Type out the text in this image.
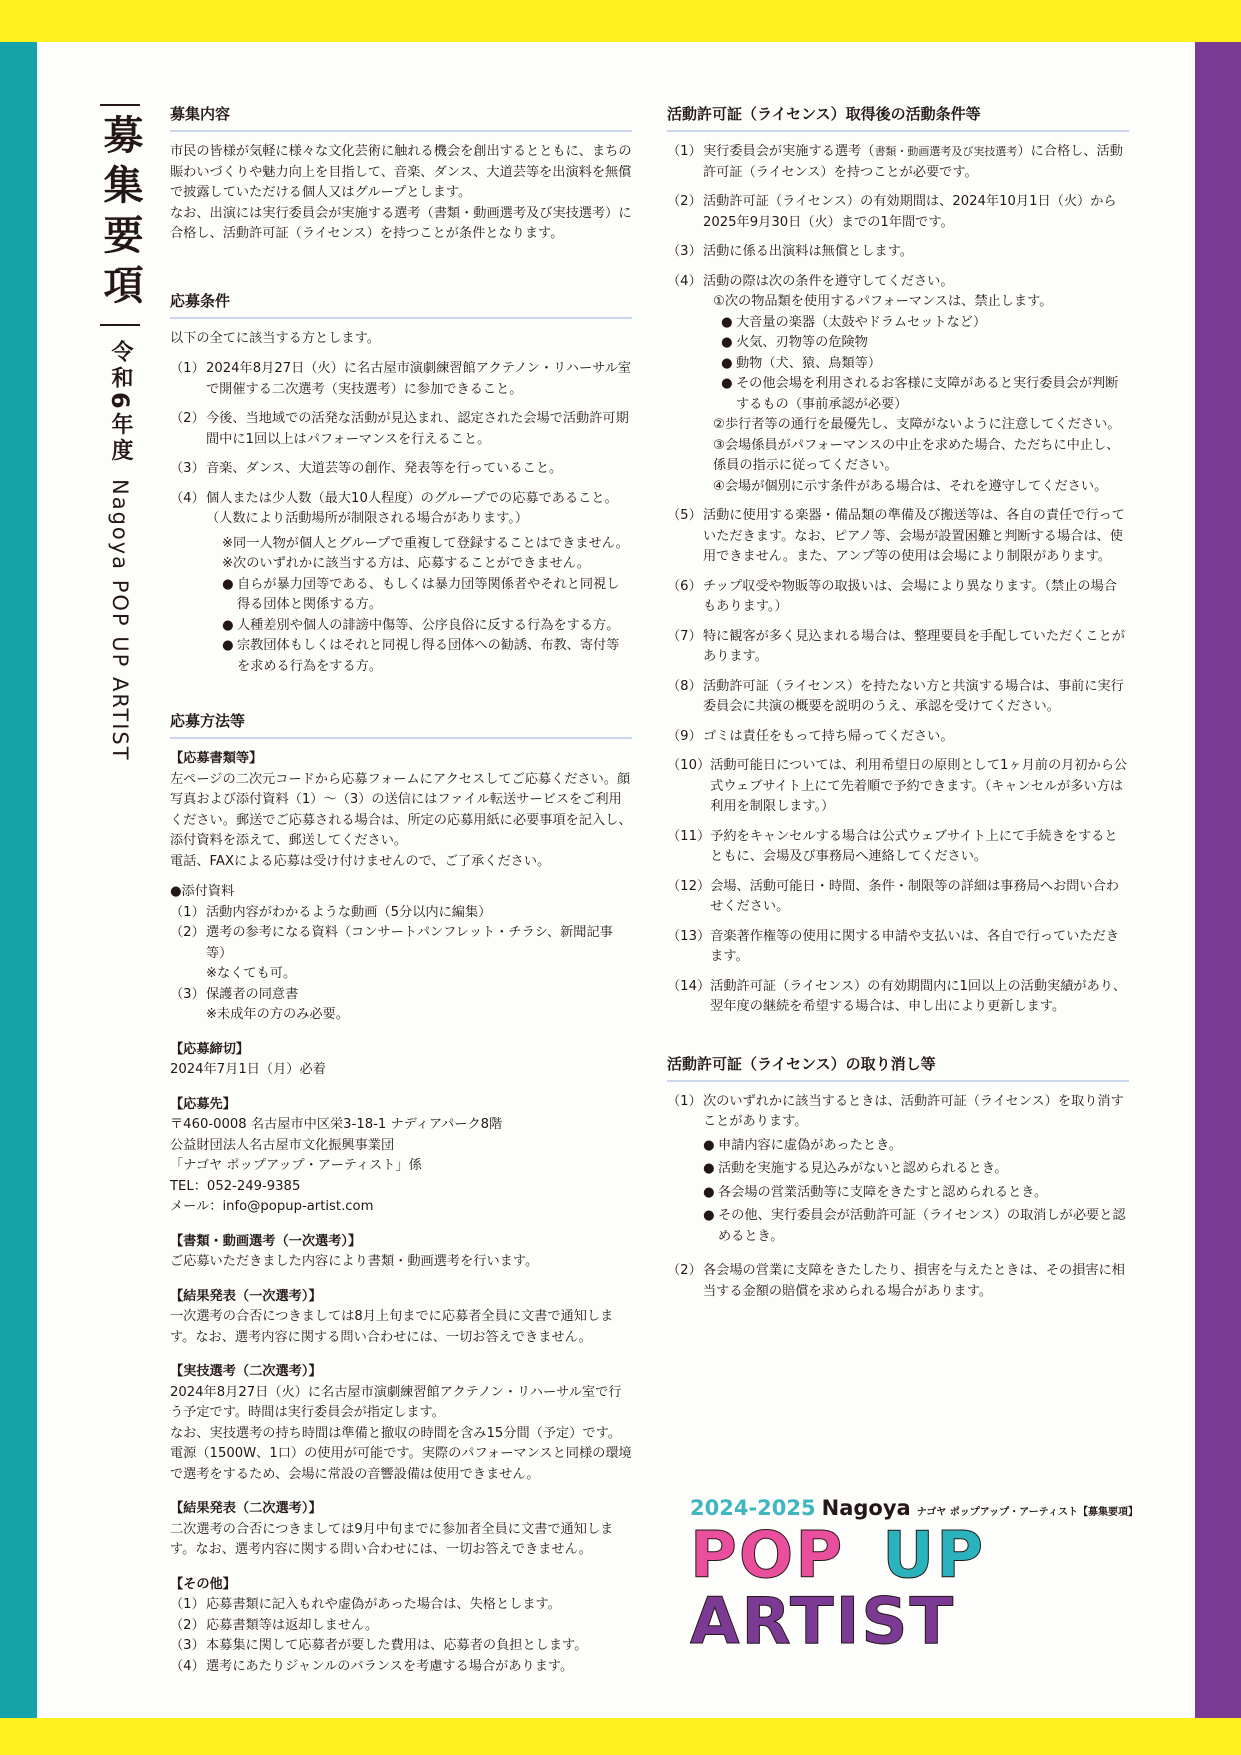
募集要項
令和6年度Nagoya POP UP ARTIST
募集内容

市民の皆様が気軽に様々な文化芸術に触れる機会を創出するとともに、まちの賑わいづくりや魅力向上を目指して、音楽、ダンス、大道芸等を出演料を無償で披露していただける個人又はグループとします。

なお、出演には実行委員会が実施する選考（書類・動画選考及び実技選考）に合格し、活動許可証（ライセンス）を持つことが条件となります。

応募条件

以下の全てに該当する方とします。

（1） 2024年8月27日（火）に名古屋市演劇練習館アクテノン・リハーサル室で開催する二次選考（実技選考）に参加できること。
（2） 今後、当地域での活発な活動が見込まれ、認定された会場で活動許可期間中に1回以上はパフォーマンスを行えること。
（3） 音楽、ダンス、大道芸等の創作、発表等を行っていること。
（4） 個人または少人数（最大10人程度）のグループでの応募であること。（人数により活動場所が制限される場合があります。）

※同一人物が個人とグループで重複して登録することはできません。

※次のいずれかに該当する方は、応募することができません。

● 自らが暴力団等である、もしくは暴力団等関係者やそれと同視し得る団体と関係する方。
● 人種差別や個人の誹謗中傷等、公序良俗に反する行為をする方。
● 宗教団体もしくはそれと同視し得る団体への勧誘、布教、寄付等を求める行為をする方。
応募方法等

【応募書類等】

左ページの二次元コードから応募フォームにアクセスしてご応募ください。顔写真および添付資料（1）〜（3）の送信にはファイル転送サービスをご利用ください。郵送でご応募される場合は、所定の応募用紙に必要事項を記入し、添付資料を添えて、郵送してください。

電話、FAXによる応募は受け付けませんので、ご了承ください。

●添付資料

（1） 活動内容がわかるような動画（5分以内に編集）
（2） 選考の参考になる資料（コンサートパンフレット・チラシ、新聞記事等）

※なくても可。

（3） 保護者の同意書

※未成年の方のみ必要。

【応募締切】

2024年7月1日（月）必着

【応募先】

〒460-0008 名古屋市中区栄3-18-1 ナディアパーク8階

公益財団法人名古屋市文化振興事業団

「ナゴヤ ポップアップ・アーティスト」係

TEL：052-249-9385

メール：info@popup-artist.com

【書類・動画選考（一次選考）】

ご応募いただきました内容により書類・動画選考を行います。

【結果発表（一次選考）】

一次選考の合否につきましては8月上旬までに応募者全員に文書で通知します。なお、選考内容に関する問い合わせには、一切お答えできません。

【実技選考（二次選考）】

2024年8月27日（火）に名古屋市演劇練習館アクテノン・リハーサル室で行う予定です。時間は実行委員会が指定します。

なお、実技選考の持ち時間は準備と撤収の時間を含み15分間（予定）です。電源（1500W、1口）の使用が可能です。実際のパフォーマンスと同様の環境で選考をするため、会場に常設の音響設備は使用できません。

【結果発表（二次選考）】

二次選考の合否につきましては9月中旬までに参加者全員に文書で通知します。なお、選考内容に関する問い合わせには、一切お答えできません。

【その他】

（1） 応募書類に記入もれや虚偽があった場合は、失格とします。
（2） 応募書類等は返却しません。
（3） 本募集に関して応募者が要した費用は、応募者の負担とします。
（4） 選考にあたりジャンルのバランスを考慮する場合があります。
活動許可証（ライセンス）取得後の活動条件等
（1） 実行委員会が実施する選考（書類・動画選考及び実技選考）に合格し、活動許可証（ライセンス）を持つことが必要です。
（2） 活動許可証（ライセンス）の有効期間は、2024年10月1日（火）から2025年9月30日（火）までの1年間です。
（3） 活動に係る出演料は無償とします。
（4） 活動の際は次の条件を遵守してください。

①次の物品類を使用するパフォーマンスは、禁止します。

● 大音量の楽器（太鼓やドラムセットなど）
● 火気、刃物等の危険物
● 動物（犬、猿、鳥類等）
● その他会場を利用されるお客様に支障があると実行委員会が判断するもの（事前承認が必要）

②歩行者等の通行を最優先し、支障がないように注意してください。

③会場係員がパフォーマンスの中止を求めた場合、ただちに中止し、係員の指示に従ってください。

④会場が個別に示す条件がある場合は、それを遵守してください。

（5） 活動に使用する楽器・備品類の準備及び搬送等は、各自の責任で行っていただきます。なお、ピアノ等、会場が設置困難と判断する場合は、使用できません。また、アンプ等の使用は会場により制限があります。
（6） チップ収受や物販等の取扱いは、会場により異なります。（禁止の場合もあります。）
（7） 特に観客が多く見込まれる場合は、整理要員を手配していただくことがあります。
（8） 活動許可証（ライセンス）を持たない方と共演する場合は、事前に実行委員会に共演の概要を説明のうえ、承認を受けてください。
（9） ゴミは責任をもって持ち帰ってください。
（10） 活動可能日については、利用希望日の原則として1ヶ月前の月初から公式ウェブサイト上にて先着順で予約できます。（キャンセルが多い方は利用を制限します。）
（11） 予約をキャンセルする場合は公式ウェブサイト上にて手続きをするとともに、会場及び事務局へ連絡してください。
（12） 会場、活動可能日・時間、条件・制限等の詳細は事務局へお問い合わせください。
（13） 音楽著作権等の使用に関する申請や支払いは、各自で行っていただきます。
（14） 活動許可証（ライセンス）の有効期間内に1回以上の活動実績があり、翌年度の継続を希望する場合は、申し出により更新します。
活動許可証（ライセンス）の取り消し等
（1） 次のいずれかに該当するときは、活動許可証（ライセンス）を取り消すことがあります。

● 申請内容に虚偽があったとき。
● 活動を実施する見込みがないと認められるとき。
● 各会場の営業活動等に支障をきたすと認められるとき。
● その他、実行委員会が活動許可証（ライセンス）の取消しが必要と認めるとき。
（2） 各会場の営業に支障をきたしたり、損害を与えたときは、その損害に相当する金額の賠償を求められる場合があります。
2024-2025 Nagoya ナゴヤ ポップアップ・アーティスト【募集要項】
POP UP
ARTIST
